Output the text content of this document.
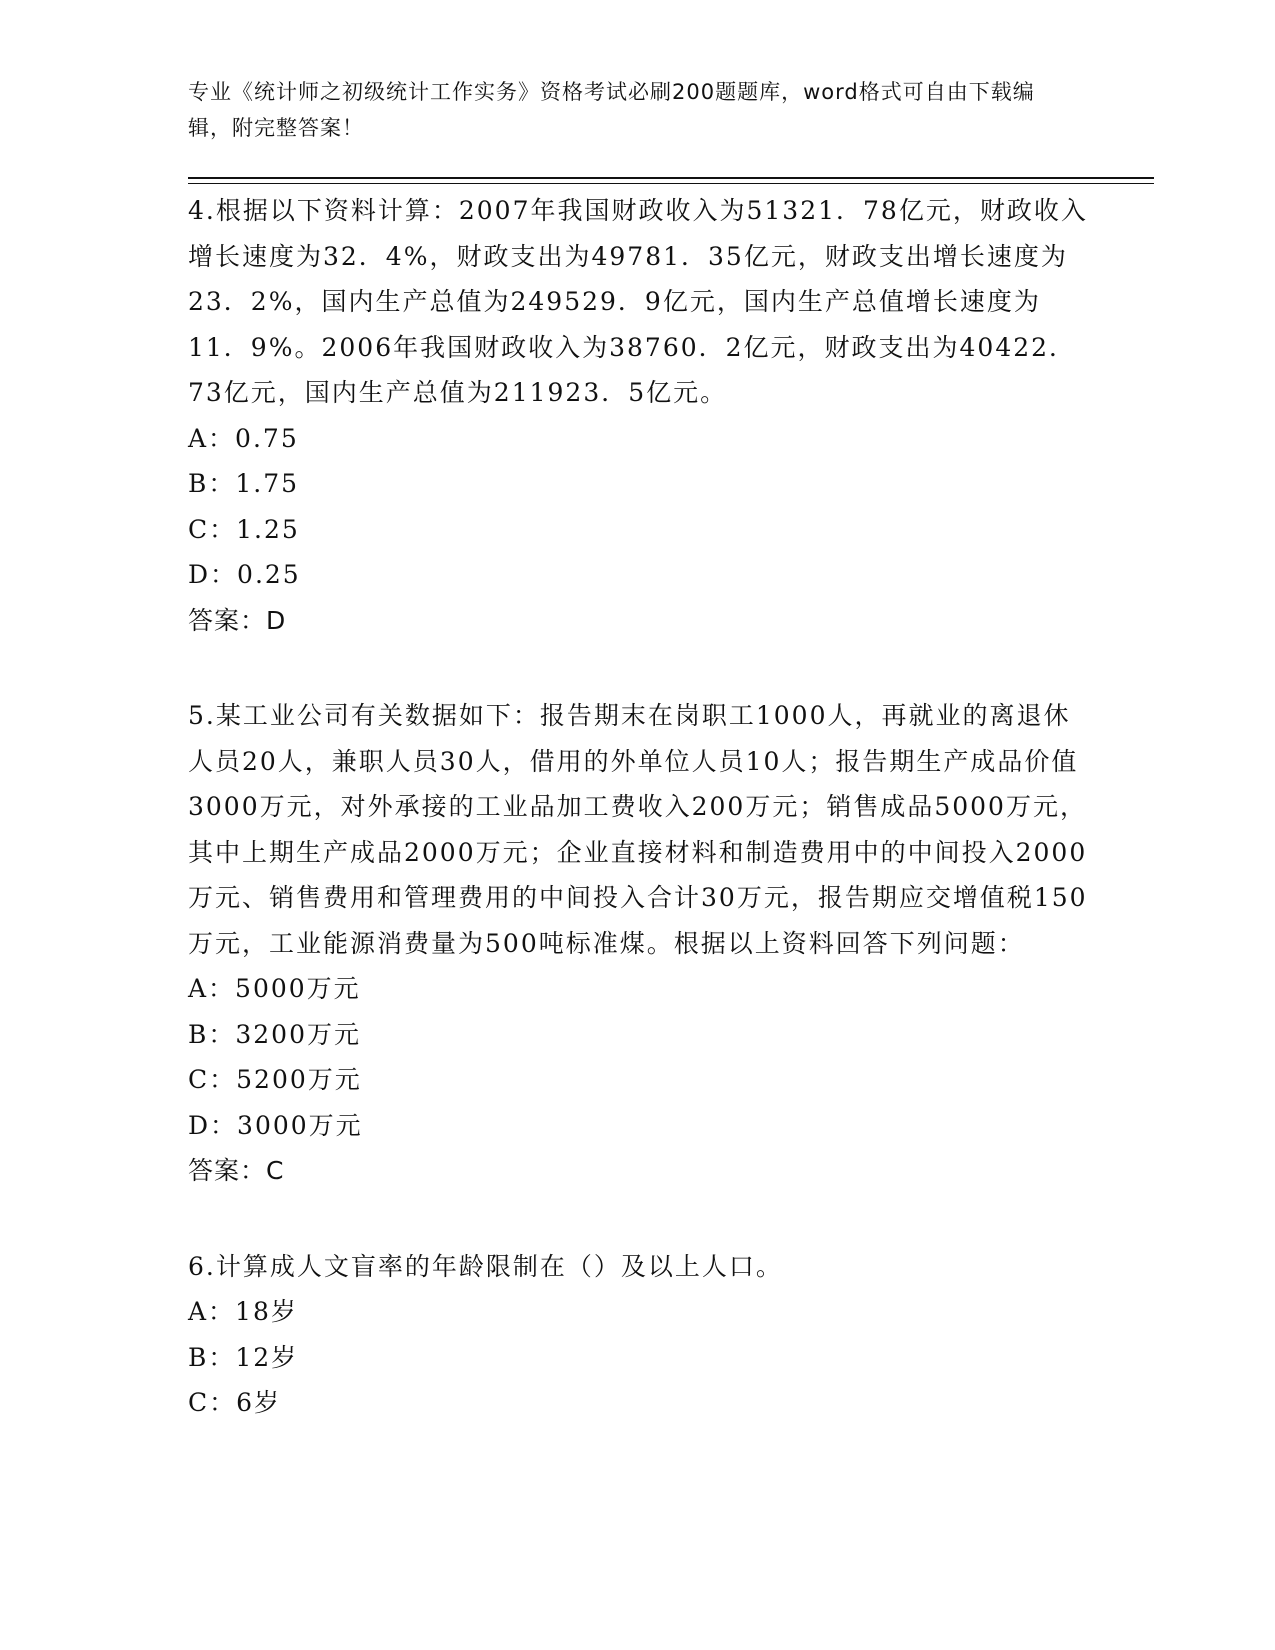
专业《统计师之初级统计工作实务》资格考试必刷200题题库，word格式可自由下载编辑，附完整答案！

4.根据以下资料计算：2007年我国财政收入为51321．78亿元，财政收入增长速度为32．4%，财政支出为49781．35亿元，财政支出增长速度为23．2%，国内生产总值为249529．9亿元，国内生产总值增长速度为11．9%。2006年我国财政收入为38760．2亿元，财政支出为40422．73亿元，国内生产总值为211923．5亿元。

A：0.75
B：1.75
C：1.25
D：0.25
答案：D

5.某工业公司有关数据如下：报告期末在岗职工1000人，再就业的离退休人员20人，兼职人员30人，借用的外单位人员10人；报告期生产成品价值3000万元，对外承接的工业品加工费收入200万元；销售成品5000万元，其中上期生产成品2000万元；企业直接材料和制造费用中的中间投入2000万元、销售费用和管理费用的中间投入合计30万元，报告期应交增值税150万元，工业能源消费量为500吨标准煤。根据以上资料回答下列问题：

A：5000万元
B：3200万元
C：5200万元
D：3000万元
答案：C

6.计算成人文盲率的年龄限制在（）及以上人口。

A：18岁
B：12岁
C：6岁
